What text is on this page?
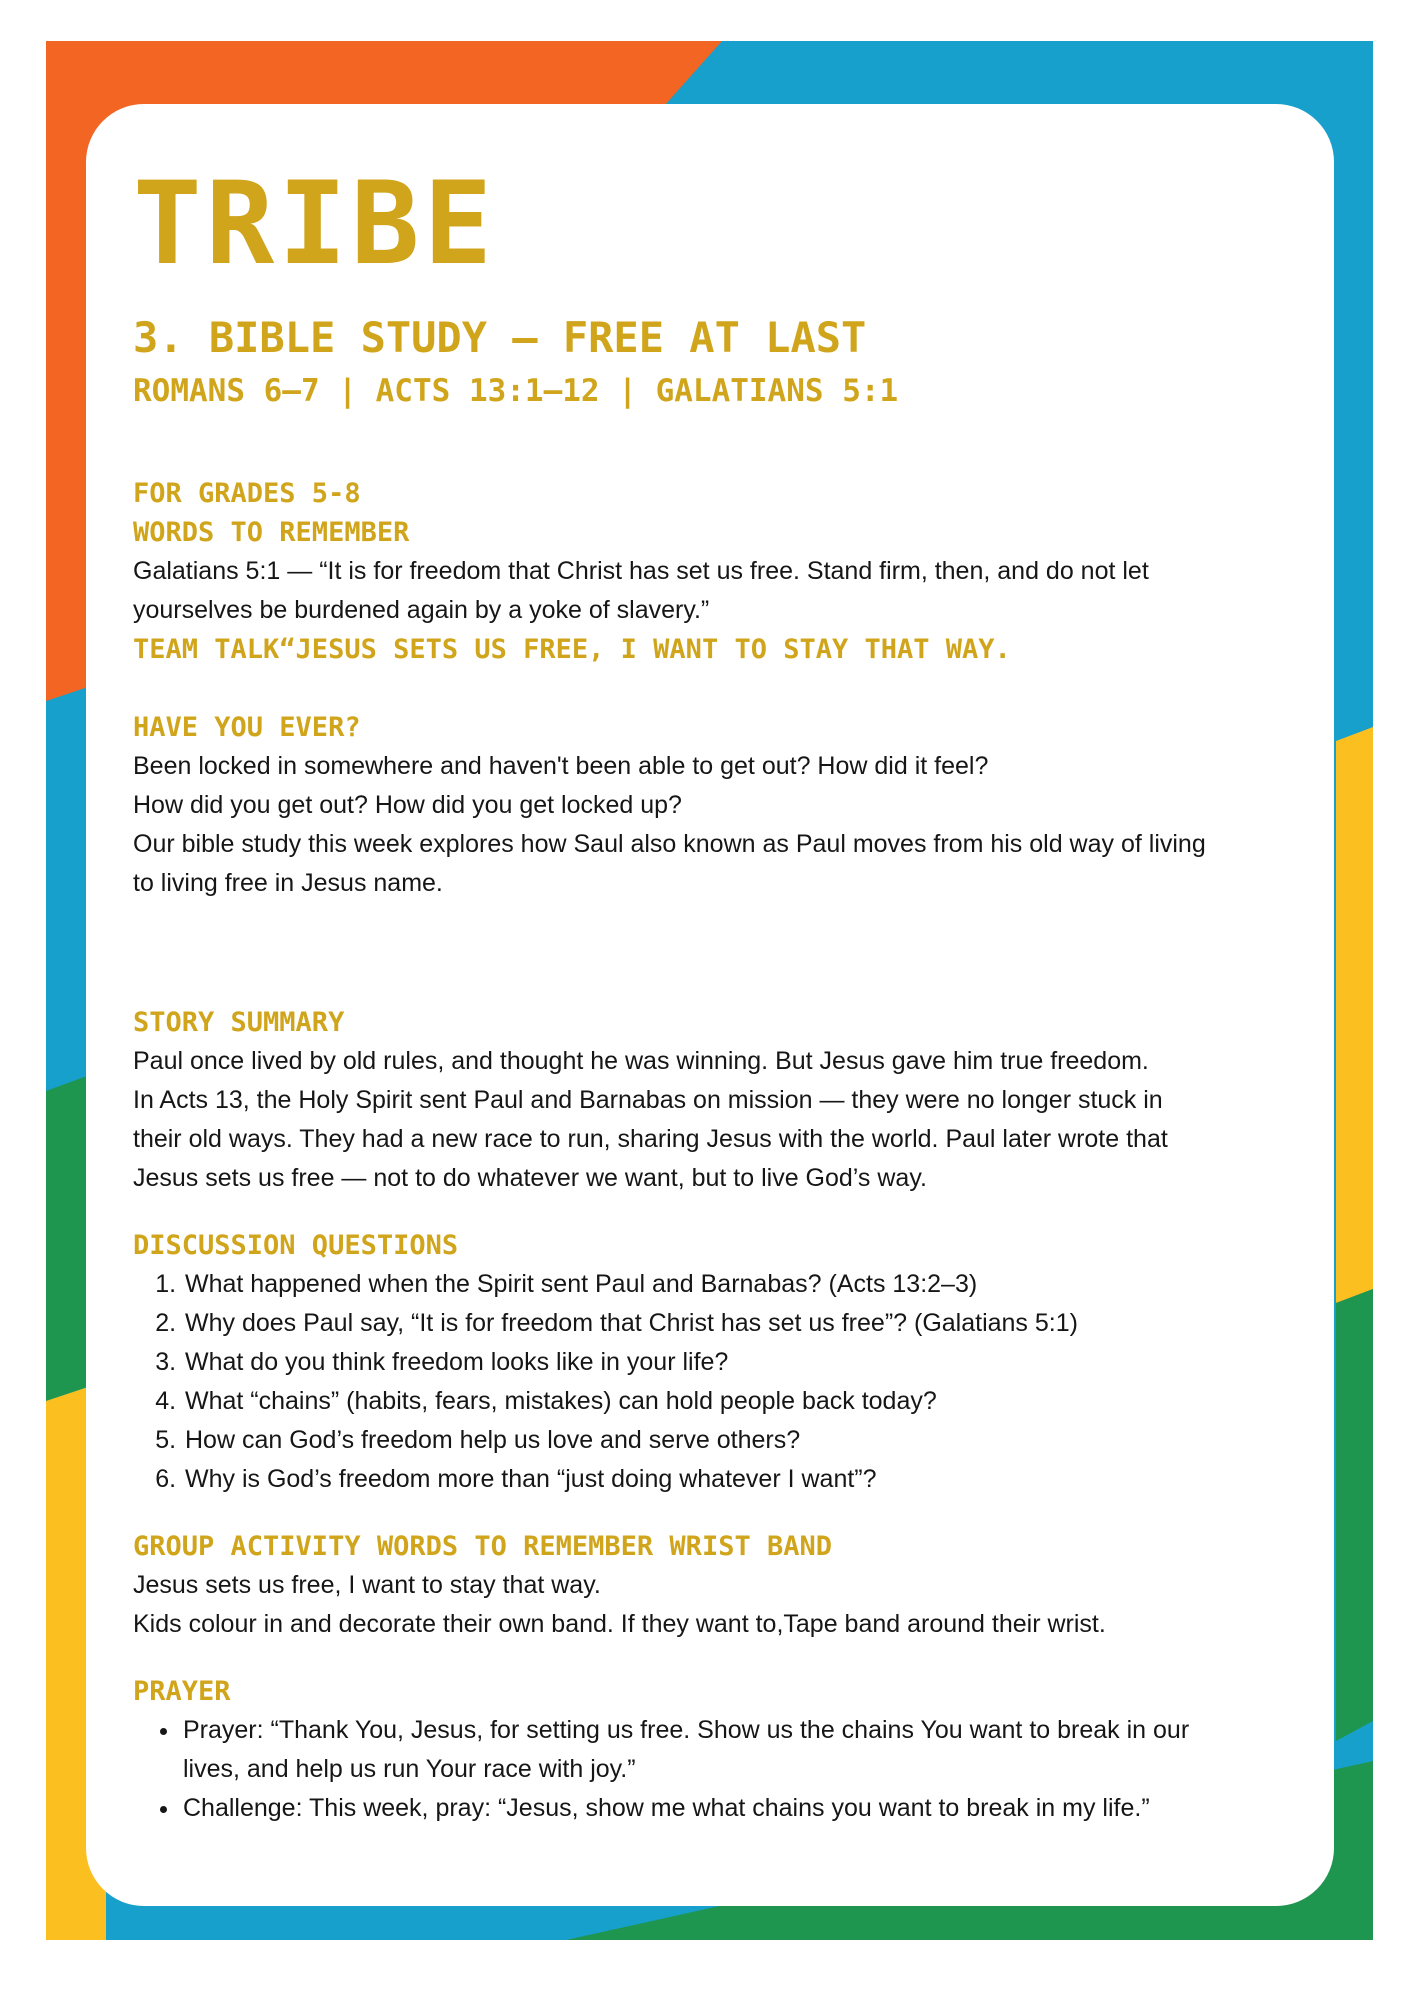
TRIBE
3. BIBLE STUDY — FREE AT LAST
ROMANS 6–7 | ACTS 13:1–12 | GALATIANS 5:1
FOR GRADES 5-8
WORDS TO REMEMBER

Galatians 5:1 — “It is for freedom that Christ has set us free. Stand firm, then, and do not let

yourselves be burdened again by a yoke of slavery.”

TEAM TALK“JESUS SETS US FREE, I WANT TO STAY THAT WAY.
HAVE YOU EVER?

Been locked in somewhere and haven't been able to get out? How did it feel?

How did you get out? How did you get locked up?

Our bible study this week explores how Saul also known as Paul moves from his old way of living

to living free in Jesus name.

STORY SUMMARY

Paul once lived by old rules, and thought he was winning. But Jesus gave him true freedom.

In Acts 13, the Holy Spirit sent Paul and Barnabas on mission — they were no longer stuck in

their old ways. They had a new race to run, sharing Jesus with the world. Paul later wrote that

Jesus sets us free — not to do whatever we want, but to live God’s way.

DISCUSSION QUESTIONS
1. What happened when the Spirit sent Paul and Barnabas? (Acts 13:2–3)
2. Why does Paul say, “It is for freedom that Christ has set us free”? (Galatians 5:1)
3. What do you think freedom looks like in your life?
4. What “chains” (habits, fears, mistakes) can hold people back today?
5. How can God’s freedom help us love and serve others?
6. Why is God’s freedom more than “just doing whatever I want”?
GROUP ACTIVITY WORDS TO REMEMBER WRIST BAND

Jesus sets us free, I want to stay that way.

Kids colour in and decorate their own band. If they want to,Tape band around their wrist.

PRAYER
• Prayer: “Thank You, Jesus, for setting us free. Show us the chains You want to break in our
lives, and help us run Your race with joy.”
• Challenge: This week, pray: “Jesus, show me what chains you want to break in my life.”
